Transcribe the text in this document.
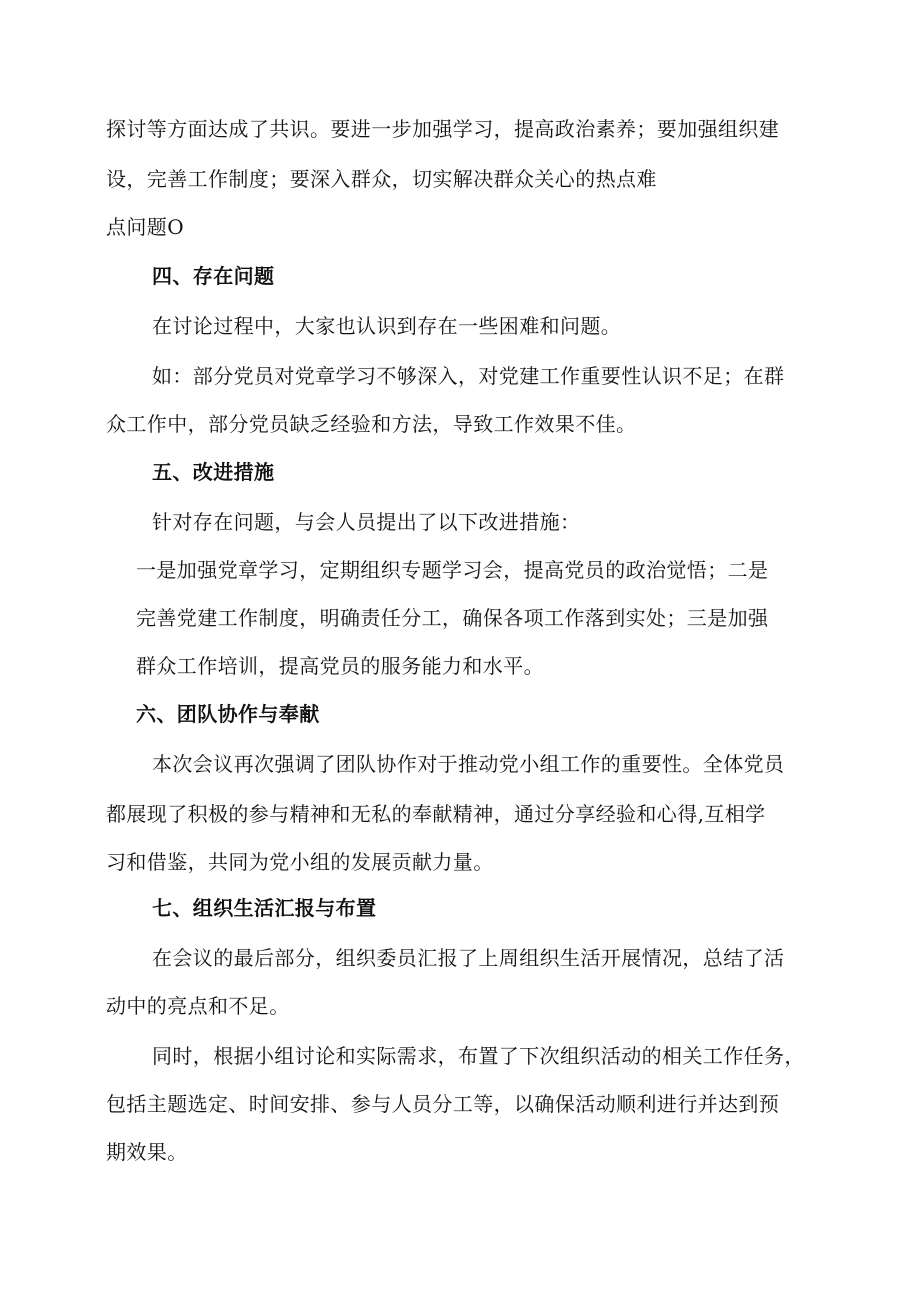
探讨等方面达成了共识。要进一步加强学习，提高政治素养；要加强组织建

设，完善工作制度；要深入群众，切实解决群众关心的热点难

点问题O

四、存在问题

在讨论过程中，大家也认识到存在一些困难和问题。

如：部分党员对党章学习不够深入，对党建工作重要性认识不足；在群

众工作中，部分党员缺乏经验和方法，导致工作效果不佳。

五、改进措施

针对存在问题，与会人员提出了以下改进措施：

一是加强党章学习，定期组织专题学习会，提高党员的政治觉悟；二是

完善党建工作制度，明确责任分工，确保各项工作落到实处；三是加强

群众工作培训，提高党员的服务能力和水平。

六、团队协作与奉献

本次会议再次强调了团队协作对于推动党小组工作的重要性。全体党员

都展现了积极的参与精神和无私的奉献精神，通过分享经验和心得,互相学

习和借鉴，共同为党小组的发展贡献力量。

七、组织生活汇报与布置

在会议的最后部分，组织委员汇报了上周组织生活开展情况，总结了活

动中的亮点和不足。

同时，根据小组讨论和实际需求，布置了下次组织活动的相关工作任务，

包括主题选定、时间安排、参与人员分工等，以确保活动顺利进行并达到预

期效果。
